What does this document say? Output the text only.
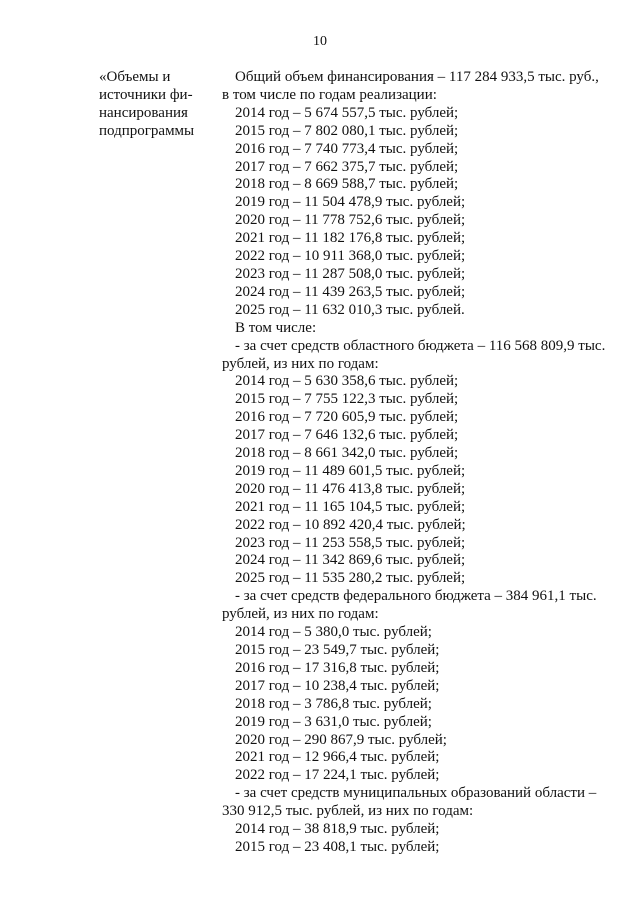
10
«Объемы и
источники фи-
нансирования
подпрограммы
Общий объем финансирования – 117 284 933,5 тыс. руб.,
в том числе по годам реализации:
2014 год – 5 674 557,5 тыс. рублей;
2015 год – 7 802 080,1 тыс. рублей;
2016 год – 7 740 773,4 тыс. рублей;
2017 год – 7 662 375,7 тыс. рублей;
2018 год – 8 669 588,7 тыс. рублей;
2019 год – 11 504 478,9 тыс. рублей;
2020 год – 11 778 752,6 тыс. рублей;
2021 год – 11 182 176,8 тыс. рублей;
2022 год – 10 911 368,0 тыс. рублей;
2023 год – 11 287 508,0 тыс. рублей;
2024 год – 11 439 263,5 тыс. рублей;
2025 год – 11 632 010,3 тыс. рублей.
В том числе:
- за счет средств областного бюджета – 116 568 809,9 тыс.
рублей, из них по годам:
2014 год – 5 630 358,6 тыс. рублей;
2015 год – 7 755 122,3 тыс. рублей;
2016 год – 7 720 605,9 тыс. рублей;
2017 год – 7 646 132,6 тыс. рублей;
2018 год – 8 661 342,0 тыс. рублей;
2019 год – 11 489 601,5 тыс. рублей;
2020 год – 11 476 413,8 тыс. рублей;
2021 год – 11 165 104,5 тыс. рублей;
2022 год – 10 892 420,4 тыс. рублей;
2023 год – 11 253 558,5 тыс. рублей;
2024 год – 11 342 869,6 тыс. рублей;
2025 год – 11 535 280,2 тыс. рублей;
- за счет средств федерального бюджета – 384 961,1 тыс.
рублей, из них по годам:
2014 год – 5 380,0 тыс. рублей;
2015 год – 23 549,7 тыс. рублей;
2016 год – 17 316,8 тыс. рублей;
2017 год – 10 238,4 тыс. рублей;
2018 год – 3 786,8 тыс. рублей;
2019 год – 3 631,0 тыс. рублей;
2020 год – 290 867,9 тыс. рублей;
2021 год – 12 966,4 тыс. рублей;
2022 год – 17 224,1 тыс. рублей;
- за счет средств муниципальных образований области –
330 912,5 тыс. рублей, из них по годам:
2014 год – 38 818,9 тыс. рублей;
2015 год – 23 408,1 тыс. рублей;
